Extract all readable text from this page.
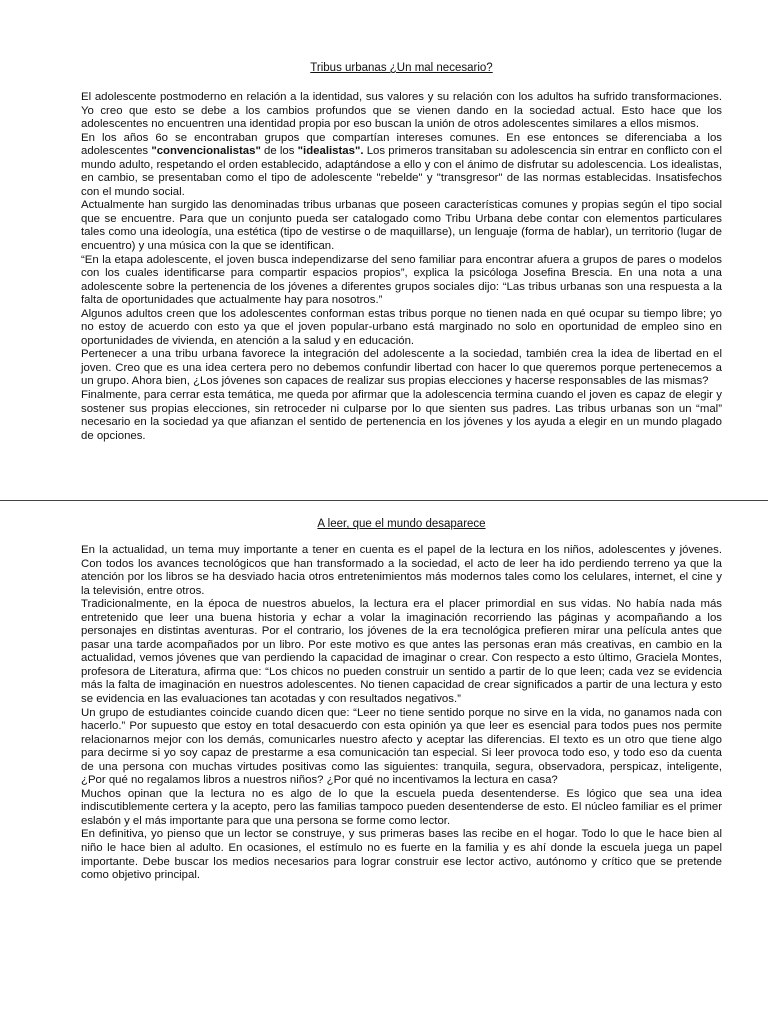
Tribus urbanas ¿Un mal necesario?

El adolescente postmoderno en relación a la identidad, sus valores y su relación con los adultos ha sufrido transformaciones. Yo creo que esto se debe a los cambios profundos que se vienen dando en la sociedad actual. Esto hace que los adolescentes no encuentren una identidad propia por eso buscan la unión de otros adolescentes similares a ellos mismos.

En los años 6o se encontraban grupos que compartían intereses comunes. En ese entonces se diferenciaba a los adolescentes "convencionalistas" de los "idealistas". Los primeros transitaban su adolescencia sin entrar en conflicto con el mundo adulto, respetando el orden establecido, adaptándose a ello y con el ánimo de disfrutar su adolescencia. Los idealistas, en cambio, se presentaban como el tipo de adolescente "rebelde" y "transgresor" de las normas establecidas. Insatisfechos con el mundo social.

Actualmente han surgido las denominadas tribus urbanas que poseen características comunes y propias según el tipo social que se encuentre. Para que un conjunto pueda ser catalogado como Tribu Urbana debe contar con elementos particulares tales como una ideología, una estética (tipo de vestirse o de maquillarse), un lenguaje (forma de hablar), un territorio (lugar de encuentro) y una música con la que se identifican.

“En la etapa adolescente, el joven busca independizarse del seno familiar para encontrar afuera a grupos de pares o modelos con los cuales identificarse para compartir espacios propios”, explica la psicóloga Josefina Brescia. En una nota a una adolescente sobre la pertenencia de los jóvenes a diferentes grupos sociales dijo: “Las tribus urbanas son una respuesta a la falta de oportunidades que actualmente hay para nosotros.”

Algunos adultos creen que los adolescentes conforman estas tribus porque no tienen nada en qué ocupar su tiempo libre; yo no estoy de acuerdo con esto ya que el joven popular-urbano está marginado no solo en oportunidad de empleo sino en oportunidades de vivienda, en atención a la salud y en educación.

Pertenecer a una tribu urbana favorece la integración del adolescente a la sociedad, también crea la idea de libertad en el joven. Creo que es una idea certera pero no debemos confundir libertad con hacer lo que queremos porque pertenecemos a un grupo. Ahora bien, ¿Los jóvenes son capaces de realizar sus propias elecciones y hacerse responsables de las mismas?

Finalmente, para cerrar esta temática, me queda por afirmar que la adolescencia termina cuando el joven es capaz de elegir y sostener sus propias elecciones, sin retroceder ni culparse por lo que sienten sus padres. Las tribus urbanas son un “mal” necesario en la sociedad ya que afianzan el sentido de pertenencia en los jóvenes y los ayuda a elegir en un mundo plagado de opciones.

A leer, que el mundo desaparece

En la actualidad, un tema muy importante a tener en cuenta es el papel de la lectura en los niños, adolescentes y jóvenes. Con todos los avances tecnológicos que han transformado a la sociedad, el acto de leer ha ido perdiendo terreno ya que la atención por los libros se ha desviado hacia otros entretenimientos más modernos tales como los celulares, internet, el cine y la televisión, entre otros.

Tradicionalmente, en la época de nuestros abuelos, la lectura era el placer primordial en sus vidas. No había nada más entretenido que leer una buena historia y echar a volar la imaginación recorriendo las páginas y acompañando a los personajes en distintas aventuras. Por el contrario, los jóvenes de la era tecnológica prefieren mirar una película antes que pasar una tarde acompañados por un libro. Por este motivo es que antes las personas eran más creativas, en cambio en la actualidad, vemos jóvenes que van perdiendo la capacidad de imaginar o crear. Con respecto a esto último, Graciela Montes, profesora de Literatura, afirma que: “Los chicos no pueden construir un sentido a partir de lo que leen; cada vez se evidencia más la falta de imaginación en nuestros adolescentes. No tienen capacidad de crear significados a partir de una lectura y esto se evidencia en las evaluaciones tan acotadas y con resultados negativos.”

Un grupo de estudiantes coincide cuando dicen que: “Leer no tiene sentido porque no sirve en la vida, no ganamos nada con hacerlo.” Por supuesto que estoy en total desacuerdo con esta opinión ya que leer es esencial para todos pues nos permite relacionarnos mejor con los demás, comunicarles nuestro afecto y aceptar las diferencias. El texto es un otro que tiene algo para decirme si yo soy capaz de prestarme a esa comunicación tan especial. Si leer provoca todo eso, y todo eso da cuenta de una persona con muchas virtudes positivas como las siguientes: tranquila, segura, observadora, perspicaz, inteligente, ¿Por qué no regalamos libros a nuestros niños? ¿Por qué no incentivamos la lectura en casa?

Muchos opinan que la lectura no es algo de lo que la escuela pueda desentenderse. Es lógico que sea una idea indiscutiblemente certera y la acepto, pero las familias tampoco pueden desentenderse de esto. El núcleo familiar es el primer eslabón y el más importante para que una persona se forme como lector.

En definitiva, yo pienso que un lector se construye, y sus primeras bases las recibe en el hogar. Todo lo que le hace bien al niño le hace bien al adulto. En ocasiones, el estímulo no es fuerte en la familia y es ahí donde la escuela juega un papel importante. Debe buscar los medios necesarios para lograr construir ese lector activo, autónomo y crítico que se pretende como objetivo principal.
